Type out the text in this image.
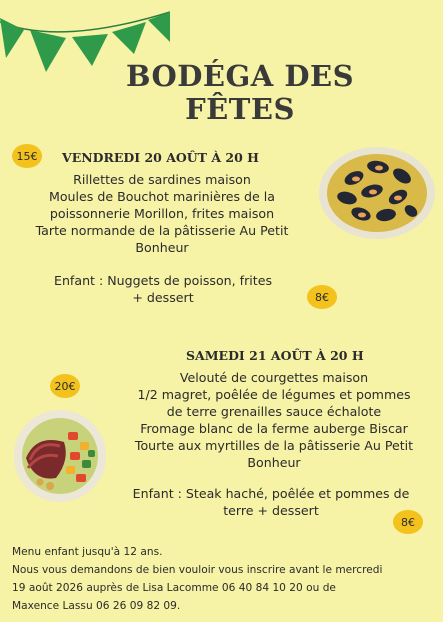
BODÉGA DES
FÊTES
15€	VENDREDI 20 AOÛT À 20 H
Rillettes de sardines maison
Moules de Bouchot marinières de la
poissonnerie Morillon, frites maison
Tarte normande de la pâtisserie Au Petit
Bonheur
Enfant : Nuggets de poisson, frites
+ dessert	8€
SAMEDI 21 AOÛT À 20 H
20€
Velouté de courgettes maison
1/2 magret, poêlée de légumes et pommes
de terre grenailles sauce échalote
Fromage blanc de la ferme auberge Biscar
Tourte aux myrtilles de la pâtisserie Au Petit
Bonheur
Enfant : Steak haché, poêlée et pommes de
terre + dessert
8€
Menu enfant jusqu'à 12 ans.
Nous vous demandons de bien vouloir vous inscrire avant le mercredi
19 août 2026 auprès de Lisa Lacomme 06 40 84 10 20 ou de
Maxence Lassu 06 26 09 82 09.
